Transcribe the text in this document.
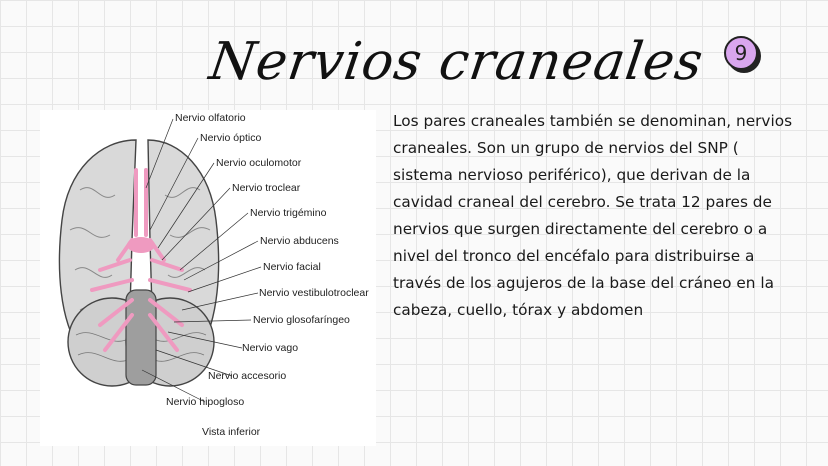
Nervios craneales	9
Nervio olfatorio
Nervio óptico
Nervio oculomotor
Nervio troclear
Nervio trigémino
Nervio abducens
Nervio facial
Nervio vestibulotroclear
Nervio glosofaríngeo
Nervio vago
Nervio accesorio
Nervio hipogloso
Vista inferior
Los pares craneales también se denominan, nervios craneales. Son un grupo de nervios del SNP ( sistema nervioso periférico), que derivan de la cavidad craneal del cerebro. Se trata 12 pares de nervios que surgen directamente del cerebro o a nivel del tronco del encéfalo para distribuirse a través de los agujeros de la base del cráneo en la cabeza, cuello, tórax y abdomen
